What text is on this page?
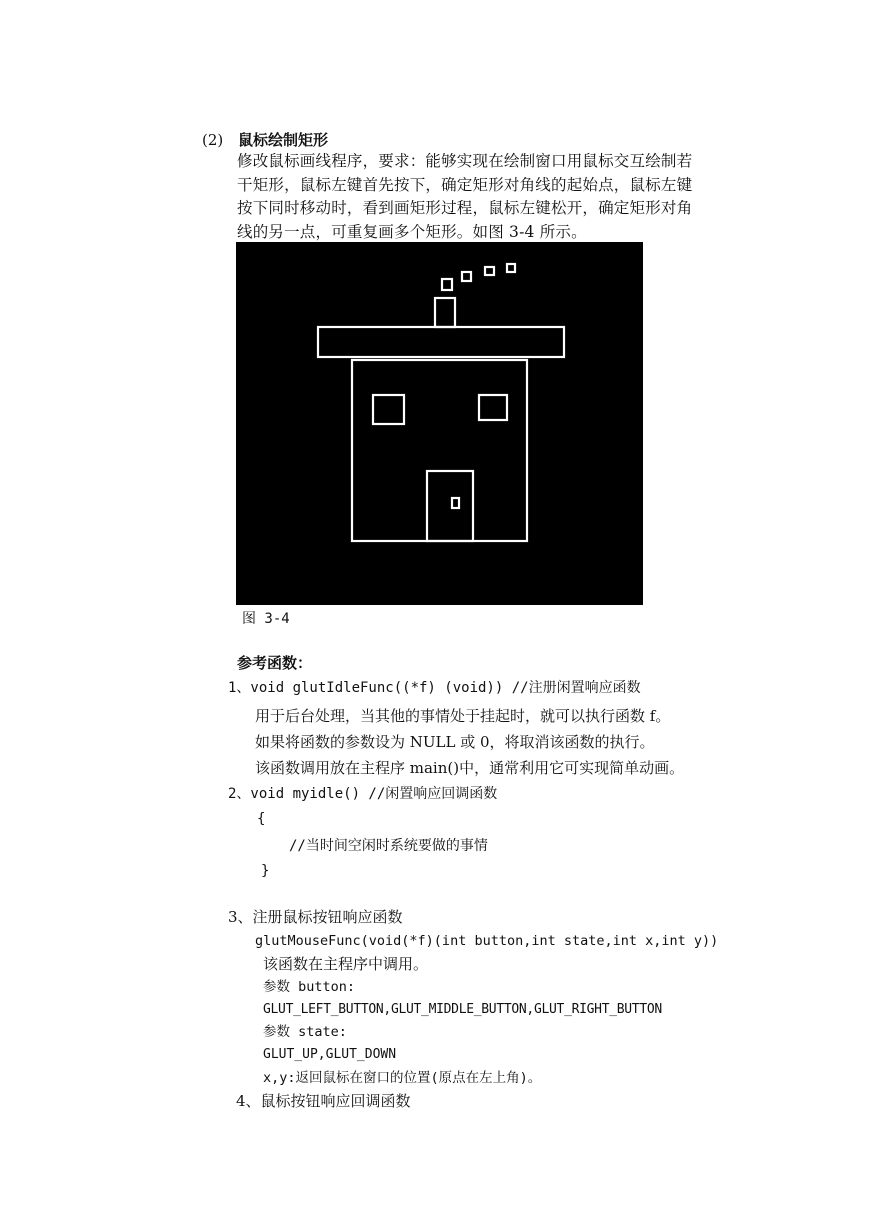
(2) 鼠标绘制矩形
修改鼠标画线程序，要求：能够实现在绘制窗口用鼠标交互绘制若
干矩形，鼠标左键首先按下，确定矩形对角线的起始点，鼠标左键
按下同时移动时，看到画矩形过程，鼠标左键松开，确定矩形对角
线的另一点，可重复画多个矩形。如图 3-4 所示。
图 3-4
参考函数：
1、void glutIdleFunc((*f) (void)) //注册闲置响应函数
用于后台处理，当其他的事情处于挂起时，就可以执行函数 f。
如果将函数的参数设为 NULL 或 0，将取消该函数的执行。
该函数调用放在主程序 main()中，通常利用它可实现简单动画。
2、void myidle() //闲置响应回调函数
{
//当时间空闲时系统要做的事情
}
3、注册鼠标按钮响应函数
glutMouseFunc(void(*f)(int button,int state,int x,int y))
该函数在主程序中调用。
参数 button:
GLUT_LEFT_BUTTON,GLUT_MIDDLE_BUTTON,GLUT_RIGHT_BUTTON
参数 state:
GLUT_UP,GLUT_DOWN
x,y:返回鼠标在窗口的位置(原点在左上角)。
4、鼠标按钮响应回调函数
